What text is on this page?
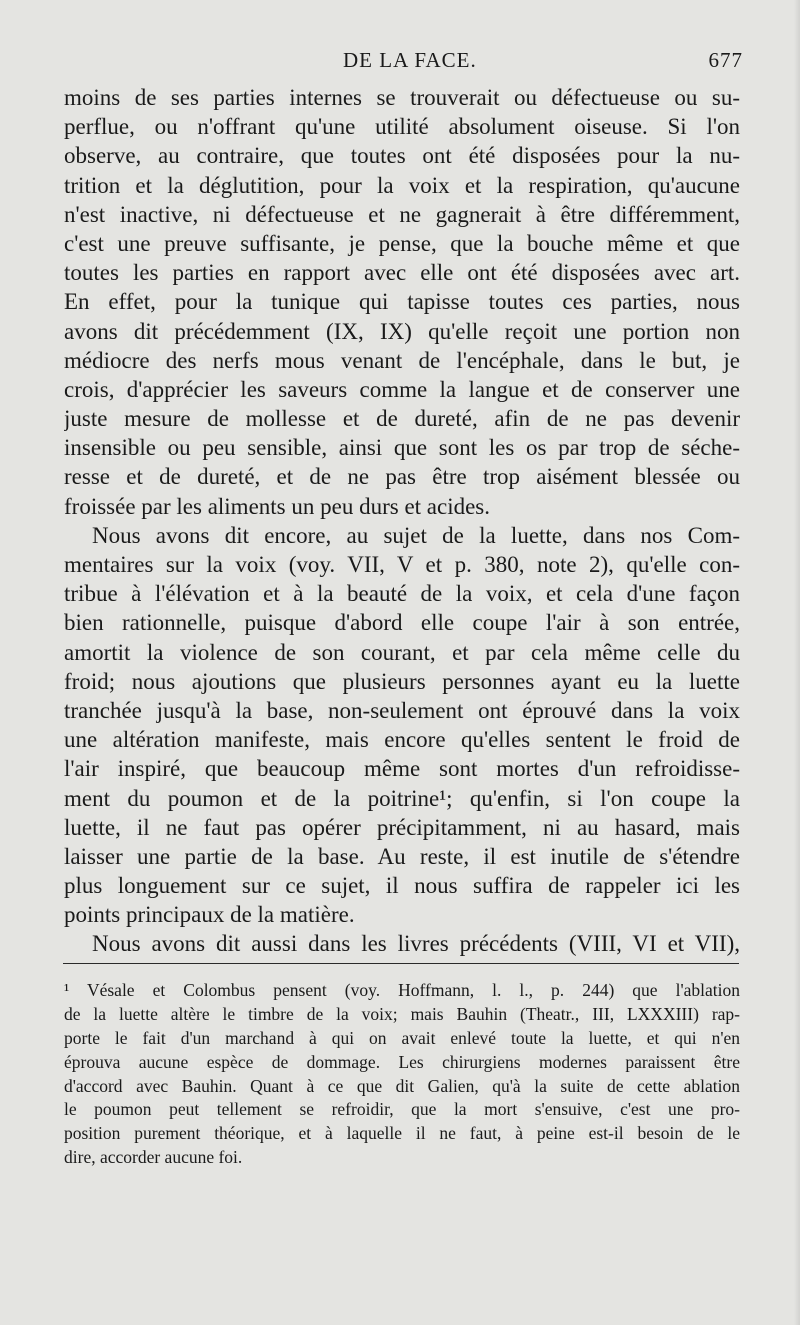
DE LA FACE.	677
moins de ses parties internes se trouverait ou défectueuse ou su-
perflue, ou n'offrant qu'une utilité absolument oiseuse. Si l'on
observe, au contraire, que toutes ont été disposées pour la nu-
trition et la déglutition, pour la voix et la respiration, qu'aucune
n'est inactive, ni défectueuse et ne gagnerait à être différemment,
c'est une preuve suffisante, je pense, que la bouche même et que
toutes les parties en rapport avec elle ont été disposées avec art.
En effet, pour la tunique qui tapisse toutes ces parties, nous
avons dit précédemment (IX, IX) qu'elle reçoit une portion non
médiocre des nerfs mous venant de l'encéphale, dans le but, je
crois, d'apprécier les saveurs comme la langue et de conserver une
juste mesure de mollesse et de dureté, afin de ne pas devenir
insensible ou peu sensible, ainsi que sont les os par trop de séche-
resse et de dureté, et de ne pas être trop aisément blessée ou
froissée par les aliments un peu durs et acides.
Nous avons dit encore, au sujet de la luette, dans nos Com-
mentaires sur la voix (voy. VII, V et p. 380, note 2), qu'elle con-
tribue à l'élévation et à la beauté de la voix, et cela d'une façon
bien rationnelle, puisque d'abord elle coupe l'air à son entrée,
amortit la violence de son courant, et par cela même celle du
froid; nous ajoutions que plusieurs personnes ayant eu la luette
tranchée jusqu'à la base, non-seulement ont éprouvé dans la voix
une altération manifeste, mais encore qu'elles sentent le froid de
l'air inspiré, que beaucoup même sont mortes d'un refroidisse-
ment du poumon et de la poitrine¹; qu'enfin, si l'on coupe la
luette, il ne faut pas opérer précipitamment, ni au hasard, mais
laisser une partie de la base. Au reste, il est inutile de s'étendre
plus longuement sur ce sujet, il nous suffira de rappeler ici les
points principaux de la matière.
Nous avons dit aussi dans les livres précédents (VIII, VI et VII),
¹ Vésale et Colombus pensent (voy. Hoffmann, l. l., p. 244) que l'ablation
de la luette altère le timbre de la voix; mais Bauhin (Theatr., III, LXXXIII) rap-
porte le fait d'un marchand à qui on avait enlevé toute la luette, et qui n'en
éprouva aucune espèce de dommage. Les chirurgiens modernes paraissent être
d'accord avec Bauhin. Quant à ce que dit Galien, qu'à la suite de cette ablation
le poumon peut tellement se refroidir, que la mort s'ensuive, c'est une pro-
position purement théorique, et à laquelle il ne faut, à peine est-il besoin de le
dire, accorder aucune foi.
